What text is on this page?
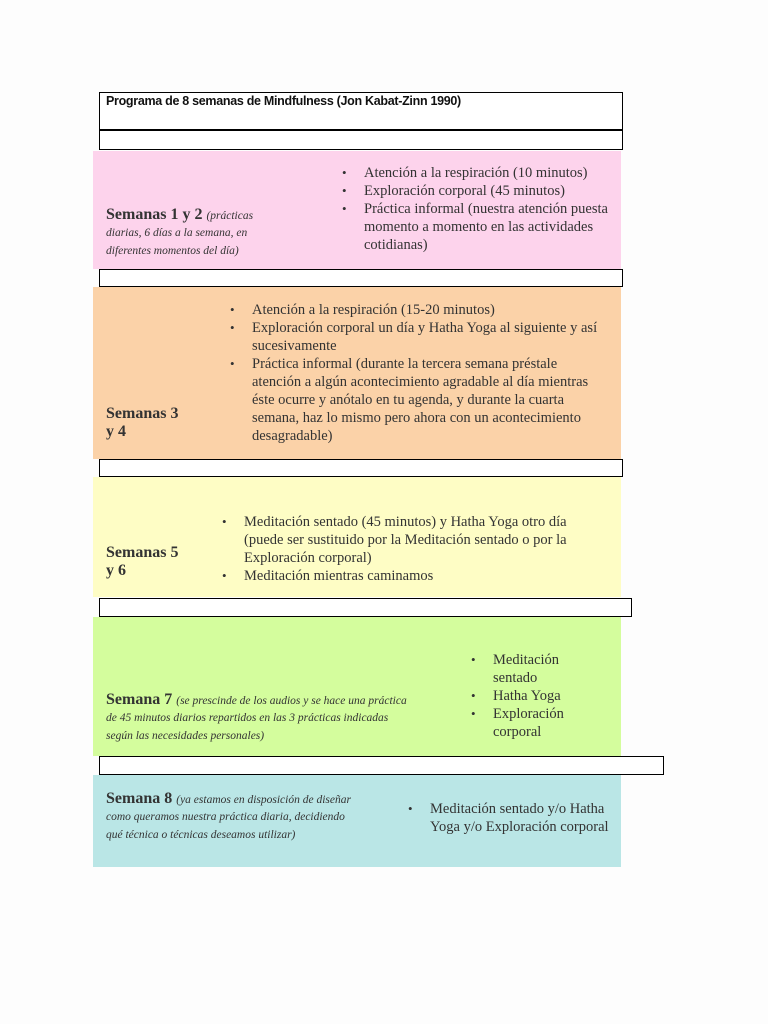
Programa de 8 semanas de Mindfulness (Jon Kabat-Zinn 1990)
Semanas 1 y 2 (prácticas diarias, 6 días a la semana, en diferentes momentos del día)
• Atención a la respiración (10 minutos)
• Exploración corporal (45 minutos)
• Práctica informal (nuestra atención puesta momento a momento en las actividades cotidianas)
Semanas 3 y 4
• Atención a la respiración (15-20 minutos)
• Exploración corporal un día y Hatha Yoga al siguiente y así sucesivamente
• Práctica informal (durante la tercera semana préstale atención a algún acontecimiento agradable al día mientras éste ocurre y anótalo en tu agenda, y durante la cuarta semana, haz lo mismo pero ahora con un acontecimiento desagradable)
Semanas 5 y 6
• Meditación sentado (45 minutos) y Hatha Yoga otro día (puede ser sustituido por la Meditación sentado o por la Exploración corporal)
• Meditación mientras caminamos
Semana 7 (se prescinde de los audios y se hace una práctica de 45 minutos diarios repartidos en las 3 prácticas indicadas según las necesidades personales)
• Meditación sentado
• Hatha Yoga
• Exploración corporal
Semana 8 (ya estamos en disposición de diseñar como queramos nuestra práctica diaria, decidiendo qué técnica o técnicas deseamos utilizar)
• Meditación sentado y/o Hatha Yoga y/o Exploración corporal
